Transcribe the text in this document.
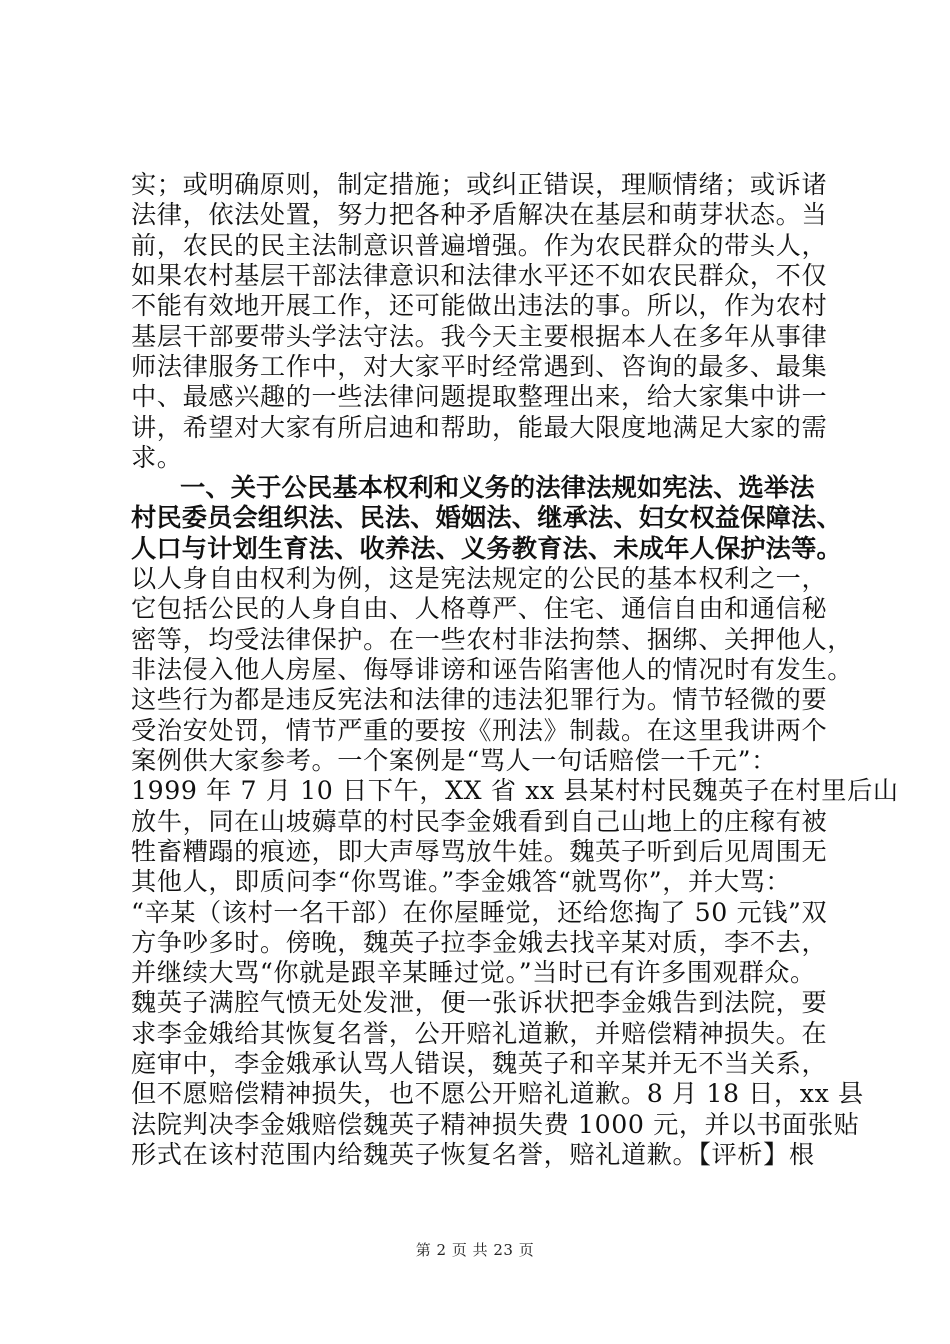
实；或明确原则，制定措施；或纠正错误，理顺情绪；或诉诸
法律，依法处置，努力把各种矛盾解决在基层和萌芽状态。当
前，农民的民主法制意识普遍增强。作为农民群众的带头人，
如果农村基层干部法律意识和法律水平还不如农民群众，不仅
不能有效地开展工作，还可能做出违法的事。所以，作为农村
基层干部要带头学法守法。我今天主要根据本人在多年从事律
师法律服务工作中，对大家平时经常遇到、咨询的最多、最集
中、最感兴趣的一些法律问题提取整理出来，给大家集中讲一
讲，希望对大家有所启迪和帮助，能最大限度地满足大家的需
求。
一、关于公民基本权利和义务的法律法规如宪法、选举法
村民委员会组织法、民法、婚姻法、继承法、妇女权益保障法、
人口与计划生育法、收养法、义务教育法、未成年人保护法等。
以人身自由权利为例，这是宪法规定的公民的基本权利之一，
它包括公民的人身自由、人格尊严、住宅、通信自由和通信秘
密等，均受法律保护。在一些农村非法拘禁、捆绑、关押他人，
非法侵入他人房屋、侮辱诽谤和诬告陷害他人的情况时有发生。
这些行为都是违反宪法和法律的违法犯罪行为。情节轻微的要
受治安处罚，情节严重的要按《刑法》制裁。在这里我讲两个
案例供大家参考。一个案例是“骂人一句话赔偿一千元”：
1999 年 7 月 10 日下午，XX 省 xx 县某村村民魏英子在村里后山
放牛，同在山坡薅草的村民李金娥看到自己山地上的庄稼有被
牲畜糟蹋的痕迹，即大声辱骂放牛娃。魏英子听到后见周围无
其他人，即质问李“你骂谁。”李金娥答“就骂你”，并大骂：
“辛某（该村一名干部）在你屋睡觉，还给您掏了 50 元钱”双
方争吵多时。傍晚，魏英子拉李金娥去找辛某对质，李不去，
并继续大骂“你就是跟辛某睡过觉。”当时已有许多围观群众。
魏英子满腔气愤无处发泄，便一张诉状把李金娥告到法院，要
求李金娥给其恢复名誉，公开赔礼道歉，并赔偿精神损失。在
庭审中，李金娥承认骂人错误，魏英子和辛某并无不当关系，
但不愿赔偿精神损失，也不愿公开赔礼道歉。8 月 18 日，xx 县
第 2 页 共 23 页
法院判决李金娥赔偿魏英子精神损失费 1000 元，并以书面张贴
形式在该村范围内给魏英子恢复名誉，赔礼道歉。【评析】根
